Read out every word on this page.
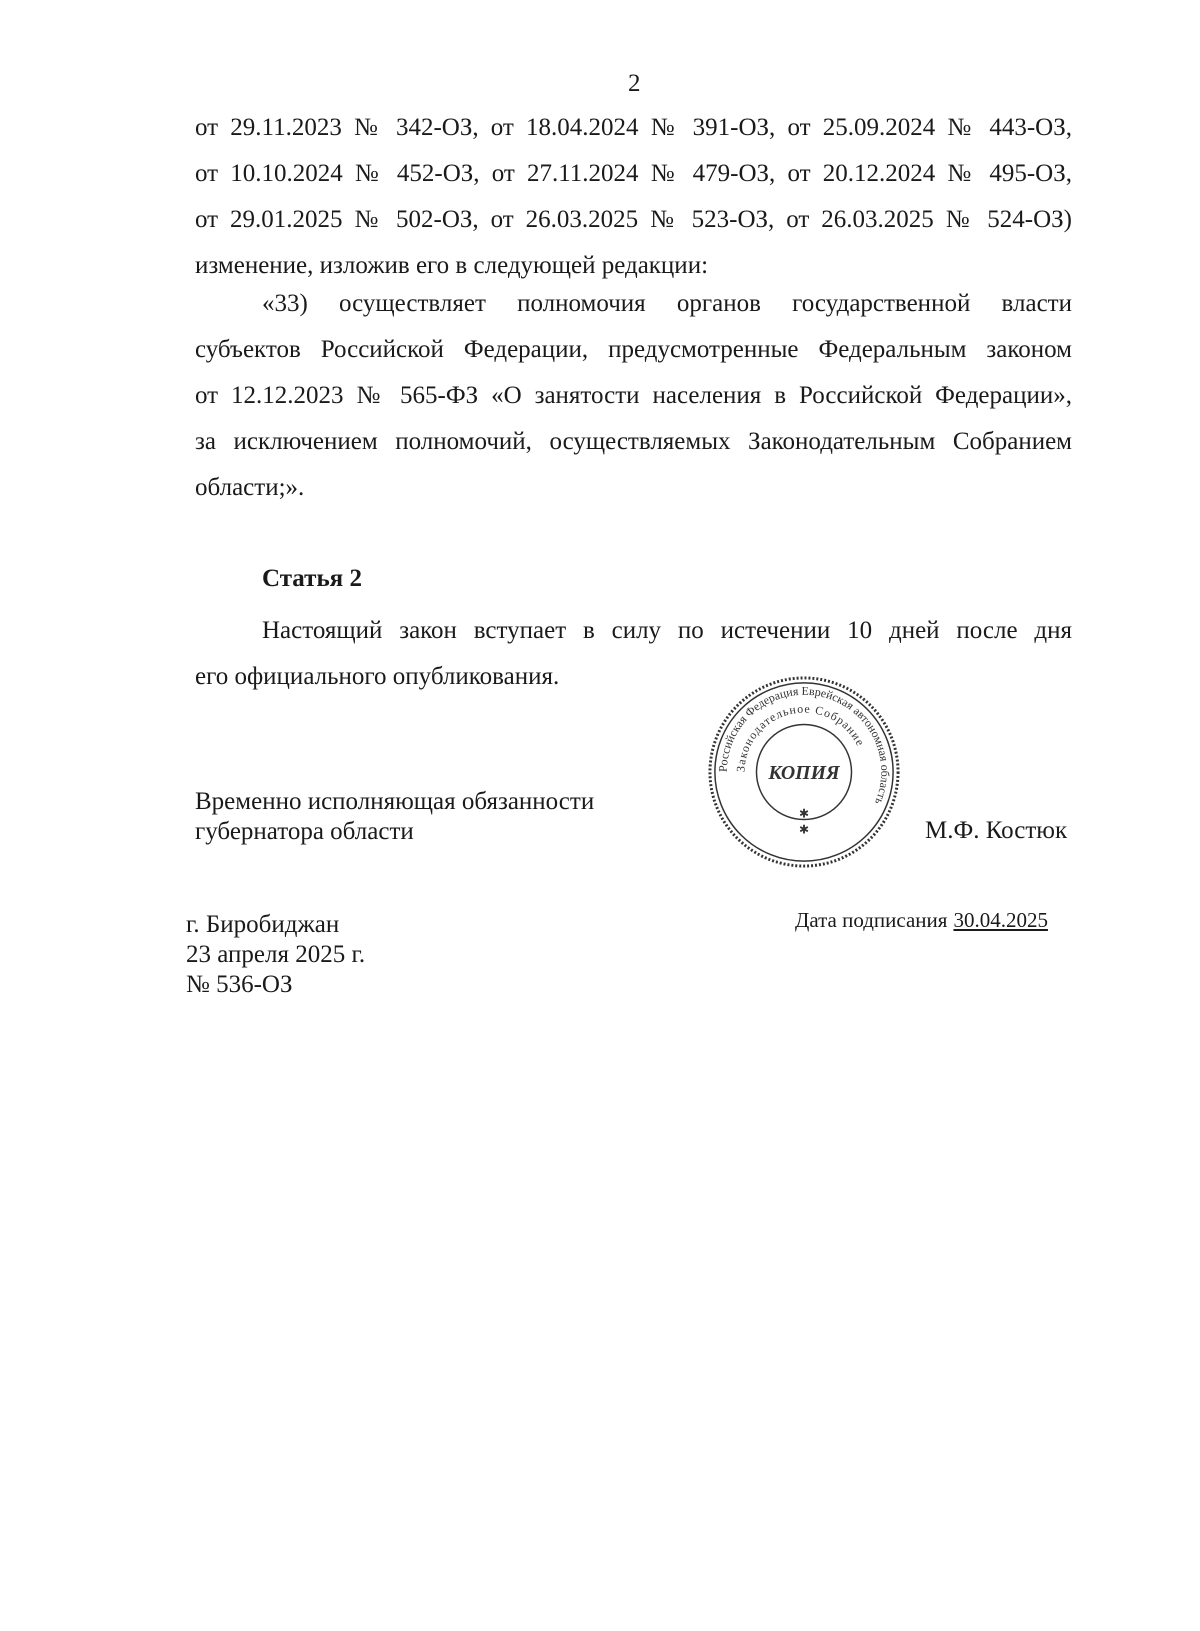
2
от 29.11.2023 № 342-ОЗ, от 18.04.2024 № 391-ОЗ, от 25.09.2024 № 443-ОЗ,
от 10.10.2024 № 452-ОЗ, от 27.11.2024 № 479-ОЗ, от 20.12.2024 № 495-ОЗ,
от 29.01.2025 № 502-ОЗ, от 26.03.2025 № 523-ОЗ, от 26.03.2025 № 524-ОЗ)
изменение, изложив его в следующей редакции:
«33) осуществляет полномочия органов государственной власти
субъектов Российской Федерации, предусмотренные Федеральным законом
от 12.12.2023 № 565-ФЗ «О занятости населения в Российской Федерации»,
за исключением полномочий, осуществляемых Законодательным Собранием
области;».
Статья 2
Настоящий закон вступает в силу по истечении 10 дней после дня
его официального опубликования.
Временно исполняющая обязанности
губернатора области
Российская Федерация Еврейская автономная область
Законодательное Собрание
КОПИЯ
✱
✱	М.Ф. Костюк
г. Биробиджан
23 апреля 2025 г.
№ 536-ОЗ
Дата подписания 30.04.2025
